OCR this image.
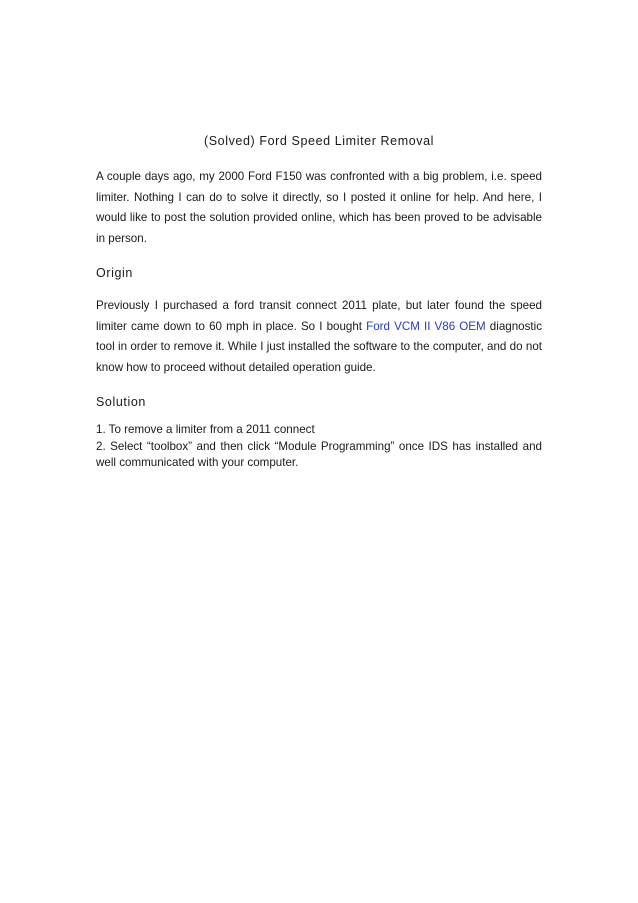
(Solved) Ford Speed Limiter Removal

A couple days ago, my 2000 Ford F150 was confronted with a big problem, i.e. speed limiter. Nothing I can do to solve it directly, so I posted it online for help. And here, I would like to post the solution provided online, which has been proved to be advisable in person.

Origin

Previously I purchased a ford transit connect 2011 plate, but later found the speed limiter came down to 60 mph in place. So I bought Ford VCM II V86 OEM diagnostic tool in order to remove it. While I just installed the software to the computer, and do not know how to proceed without detailed operation guide.

Solution
1. To remove a limiter from a 2011 connect
2. Select “toolbox” and then click “Module Programming” once IDS has installed and well communicated with your computer.
